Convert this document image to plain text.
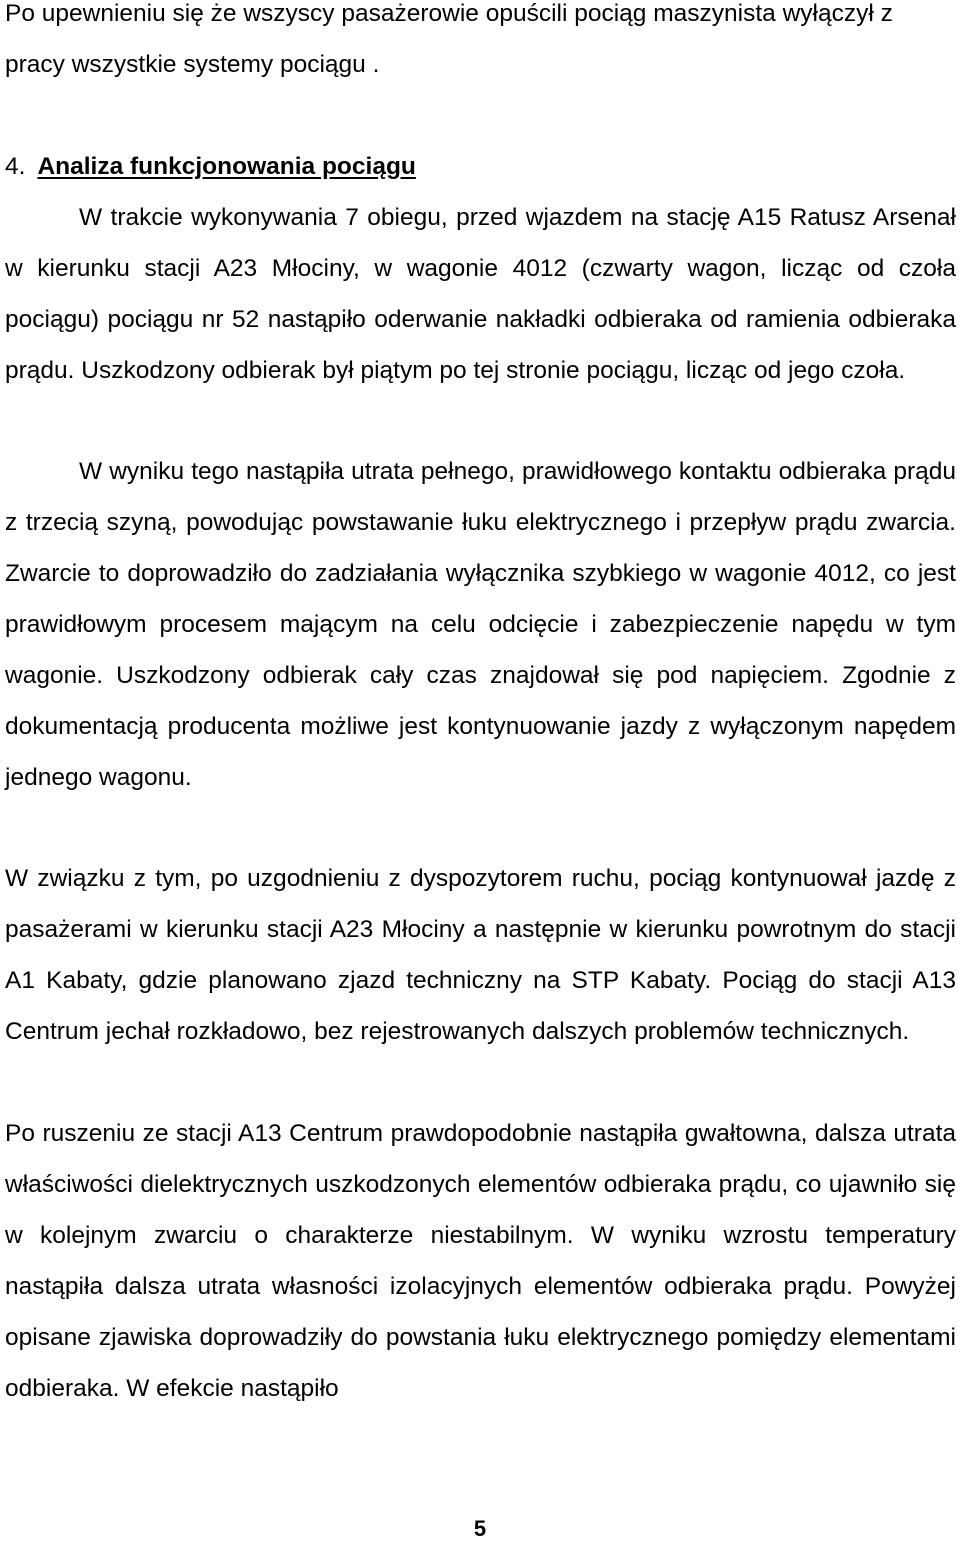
Po upewnieniu się że wszyscy pasażerowie opuścili pociąg maszynista wyłączył z pracy wszystkie systemy pociągu .

4. Analiza funkcjonowania pociągu

W trakcie wykonywania 7 obiegu, przed wjazdem na stację A15 Ratusz Arsenał w kierunku stacji A23 Młociny, w wagonie 4012 (czwarty wagon, licząc od czoła pociągu) pociągu nr 52 nastąpiło oderwanie nakładki odbieraka od ramienia odbieraka prądu. Uszkodzony odbierak był piątym po tej stronie pociągu, licząc od jego czoła.

W wyniku tego nastąpiła utrata pełnego, prawidłowego kontaktu odbieraka prądu z trzecią szyną, powodując powstawanie łuku elektrycznego i przepływ prądu zwarcia. Zwarcie to doprowadziło do zadziałania wyłącznika szybkiego w wagonie 4012, co jest prawidłowym procesem mającym na celu odcięcie i zabezpieczenie napędu w tym wagonie. Uszkodzony odbierak cały czas znajdował się pod napięciem. Zgodnie z dokumentacją producenta możliwe jest kontynuowanie jazdy z wyłączonym napędem jednego wagonu.

W związku z tym, po uzgodnieniu z dyspozytorem ruchu, pociąg kontynuował jazdę z pasażerami w kierunku stacji A23 Młociny a następnie w kierunku powrotnym do stacji A1 Kabaty, gdzie planowano zjazd techniczny na STP Kabaty. Pociąg do stacji A13 Centrum jechał rozkładowo, bez rejestrowanych dalszych problemów technicznych.

Po ruszeniu ze stacji A13 Centrum prawdopodobnie nastąpiła gwałtowna, dalsza utrata właściwości dielektrycznych uszkodzonych elementów odbieraka prądu, co ujawniło się w kolejnym zwarciu o charakterze niestabilnym. W wyniku wzrostu temperatury nastąpiła dalsza utrata własności izolacyjnych elementów odbieraka prądu. Powyżej opisane zjawiska doprowadziły do powstania łuku elektrycznego pomiędzy elementami odbieraka. W efekcie nastąpiło

5
